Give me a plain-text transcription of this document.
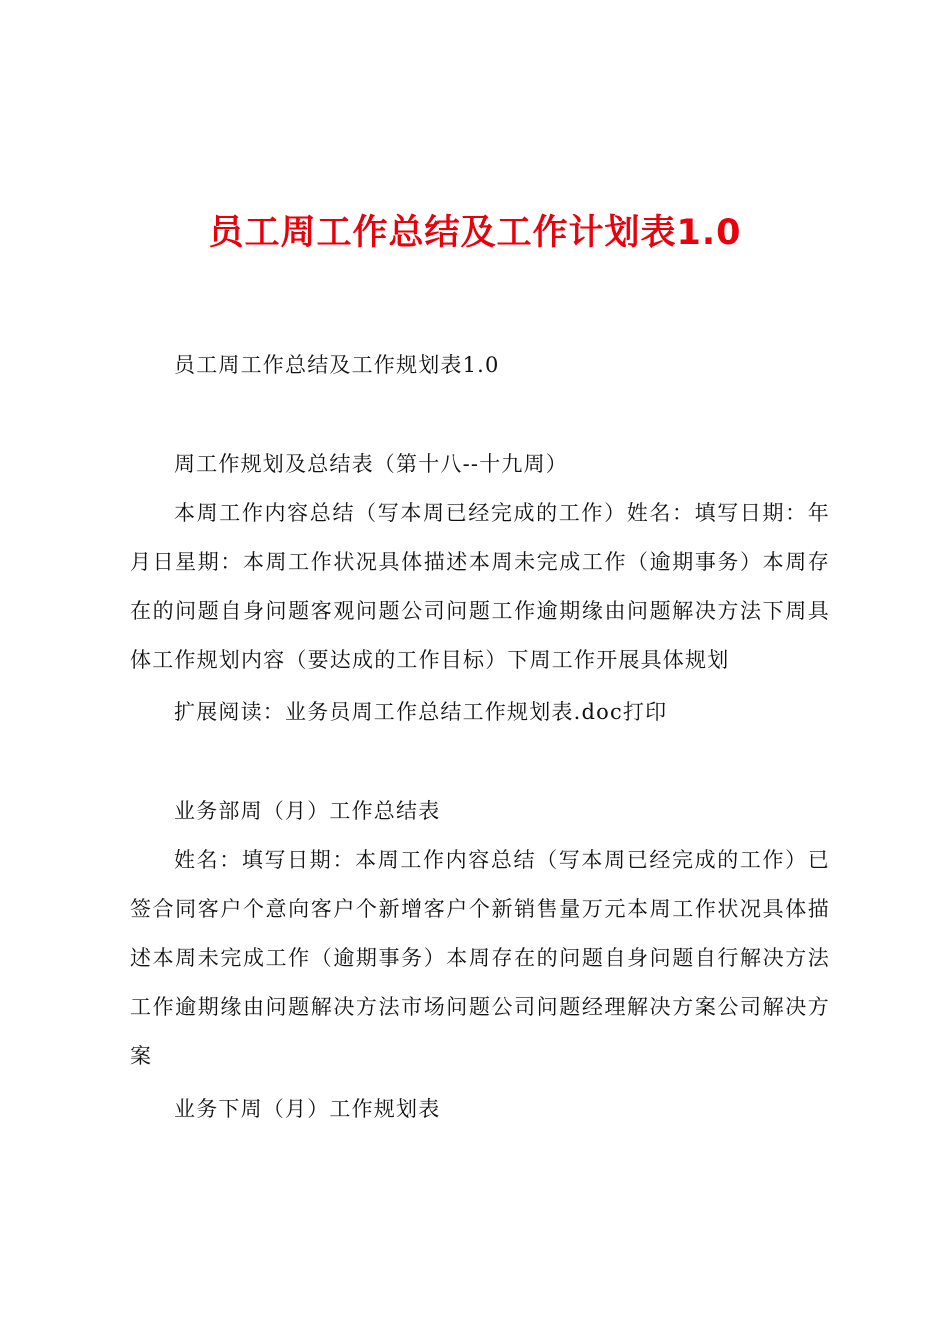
员工周工作总结及工作计划表1.0

员工周工作总结及工作规划表1.0

周工作规划及总结表（第十八--十九周）

本周工作内容总结（写本周已经完成的工作）姓名：填写日期：年月日星期：本周工作状况具体描述本周未完成工作（逾期事务）本周存在的问题自身问题客观问题公司问题工作逾期缘由问题解决方法下周具体工作规划内容（要达成的工作目标）下周工作开展具体规划

扩展阅读：业务员周工作总结工作规划表.doc打印

业务部周（月）工作总结表

姓名：填写日期：本周工作内容总结（写本周已经完成的工作）已签合同客户个意向客户个新增客户个新销售量万元本周工作状况具体描述本周未完成工作（逾期事务）本周存在的问题自身问题自行解决方法工作逾期缘由问题解决方法市场问题公司问题经理解决方案公司解决方案

业务下周（月）工作规划表
